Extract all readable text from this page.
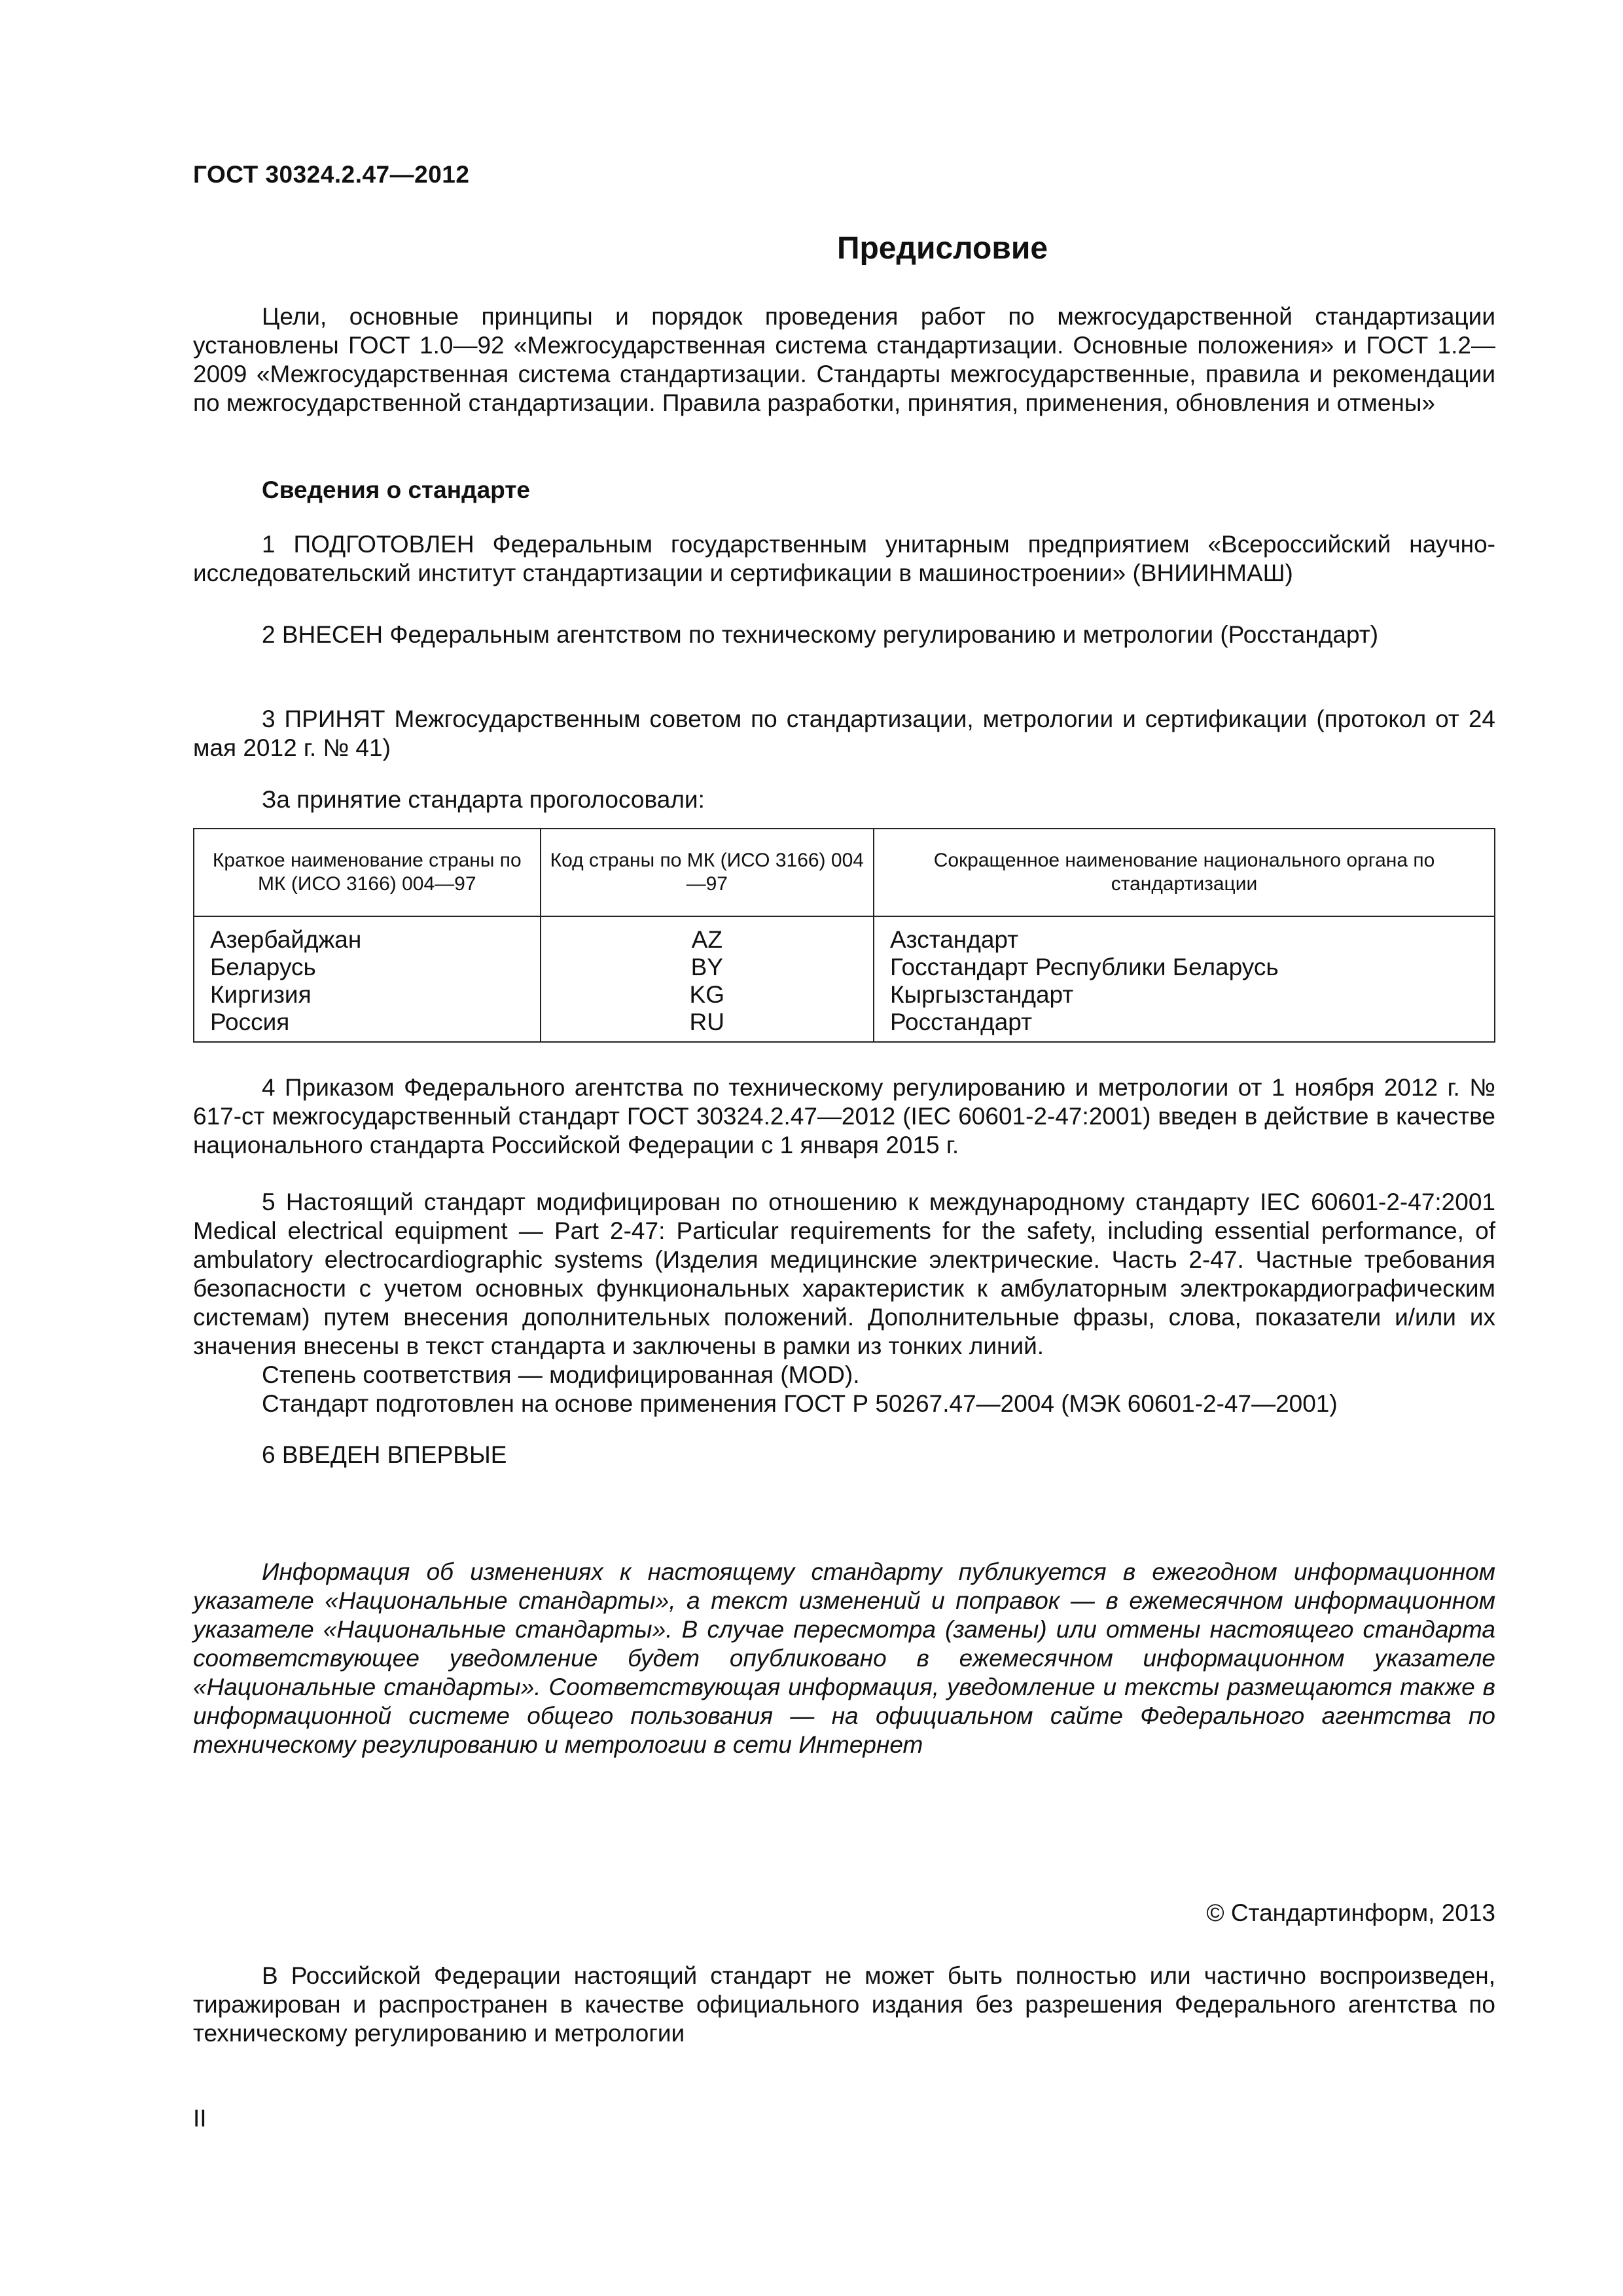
ГОСТ 30324.2.47—2012
Предисловие

Цели, основные принципы и порядок проведения работ по межгосударственной стандартизации установлены ГОСТ 1.0—92 «Межгосударственная система стандартизации. Основные положения» и ГОСТ 1.2—2009 «Межгосударственная система стандартизации. Стандарты межгосударственные, правила и рекомендации по межгосударственной стандартизации. Правила разработки, принятия, применения, обновления и отмены»

Сведения о стандарте

1 ПОДГОТОВЛЕН Федеральным государственным унитарным предприятием «Всероссийский научно-исследовательский институт стандартизации и сертификации в машиностроении» (ВНИИНМАШ)

2 ВНЕСЕН Федеральным агентством по техническому регулированию и метрологии (Росстандарт)

3 ПРИНЯТ Межгосударственным советом по стандартизации, метрологии и сертификации (протокол от 24 мая 2012 г. № 41)

За принятие стандарта проголосовали:

Краткое наименование страны по МК (ИСО 3166) 004—97	Код страны по МК (ИСО 3166) 004—97	Сокращенное наименование национального органа по стандартизации
Азербайджан	AZ	Азстандарт
Беларусь	BY	Госстандарт Республики Беларусь
Киргизия	KG	Кыргызстандарт
Россия	RU	Росстандарт

4 Приказом Федерального агентства по техническому регулированию и метрологии от 1 ноября 2012 г. № 617-ст межгосударственный стандарт ГОСТ 30324.2.47—2012 (IEC 60601-2-47:2001) введен в действие в качестве национального стандарта Российской Федерации с 1 января 2015 г.

5 Настоящий стандарт модифицирован по отношению к международному стандарту IEC 60601-2-47:2001 Medical electrical equipment — Part 2-47: Particular requirements for the safety, including essential performance, of ambulatory electrocardiographic systems (Изделия медицинские электрические. Часть 2-47. Частные требования безопасности с учетом основных функциональных характеристик к амбулаторным электрокардиографическим системам) путем внесения дополнительных положений. Дополнительные фразы, слова, показатели и/или их значения внесены в текст стандарта и заключены в рамки из тонких линий.

Степень соответствия — модифицированная (MOD).

Стандарт подготовлен на основе применения ГОСТ Р 50267.47—2004 (МЭК 60601-2-47—2001)

6 ВВЕДЕН ВПЕРВЫЕ

Информация об изменениях к настоящему стандарту публикуется в ежегодном информационном указателе «Национальные стандарты», а текст изменений и поправок — в ежемесячном информационном указателе «Национальные стандарты». В случае пересмотра (замены) или отмены настоящего стандарта соответствующее уведомление будет опубликовано в ежемесячном информационном указателе «Национальные стандарты». Соответствующая информация, уведомление и тексты размещаются также в информационной системе общего пользования — на официальном сайте Федерального агентства по техническому регулированию и метрологии в сети Интернет

© Стандартинформ, 2013

В Российской Федерации настоящий стандарт не может быть полностью или частично воспроизведен, тиражирован и распространен в качестве официального издания без разрешения Федерального агентства по техническому регулированию и метрологии

II
